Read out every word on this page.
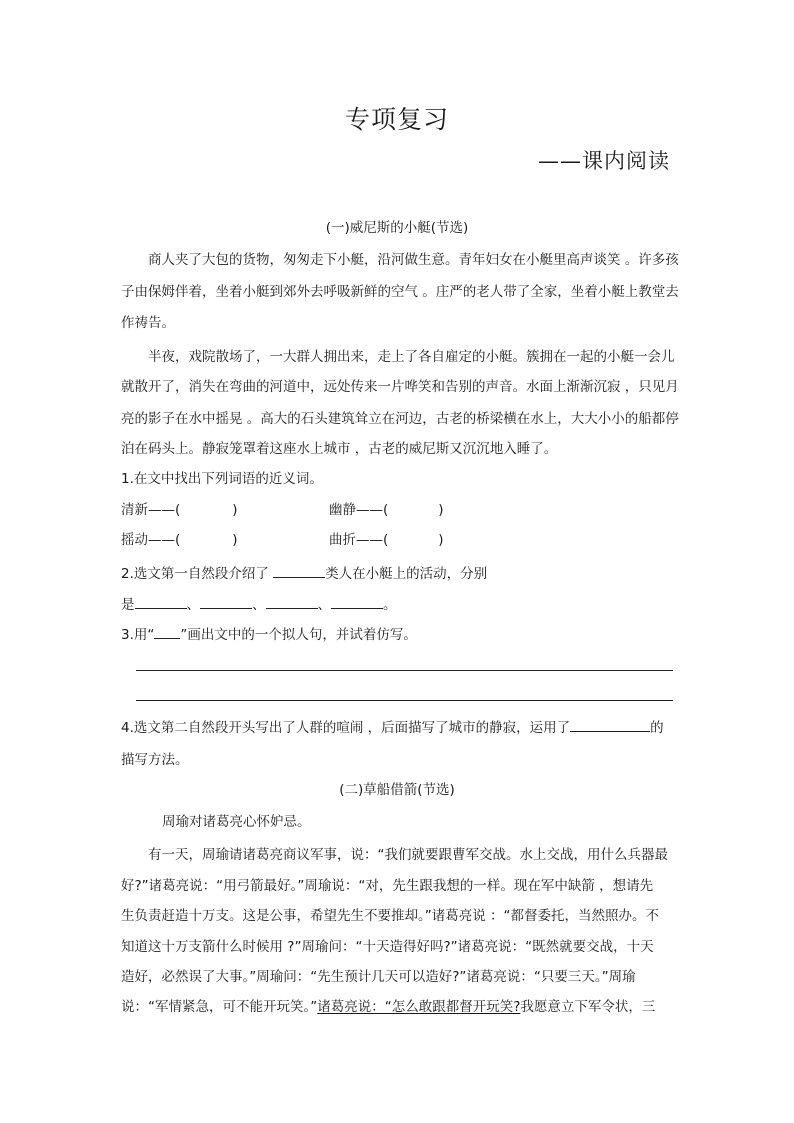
专项复习
——课内阅读
(一)威尼斯的小艇(节选)
商人夹了大包的货物，匆匆走下小艇，沿河做生意。青年妇女在小艇里高声谈笑 。许多孩
子由保姆伴着，坐着小艇到郊外去呼吸新鲜的空气 。庄严的老人带了全家，坐着小艇上教堂去
作祷告。
半夜，戏院散场了，一大群人拥出来，走上了各自雇定的小艇。簇拥在一起的小艇一会儿
就散开了，消失在弯曲的河道中，远处传来一片哗笑和告别的声音。水面上渐渐沉寂 ，只见月
亮的影子在水中摇晃 。高大的石头建筑耸立在河边，古老的桥梁横在水上，大大小小的船都停
泊在码头上。静寂笼罩着这座水上城市 ，古老的威尼斯又沉沉地入睡了。
1.在文中找出下列词语的近义词。
清新——(	)	幽静——(	)
摇动——(	)	曲折——(	)
2.选文第一自然段介绍了	类人在小艇上的活动，分别
是	、	、	、	。
3.用“ ”画出文中的一个拟人句，并试着仿写。
4.选文第二自然段开头写出了人群的喧闹 ，后面描写了城市的静寂，运用了	的
描写方法。
(二)草船借箭(节选)
周瑜对诸葛亮心怀妒忌。
有一天，周瑜请诸葛亮商议军事，说：“我们就要跟曹军交战。水上交战，用什么兵器最
好?”诸葛亮说：“用弓箭最好。”周瑜说：“对，先生跟我想的一样。现在军中缺箭 ，想请先
生负责赶造十万支。这是公事，希望先生不要推却。”诸葛亮说 ：“都督委托，当然照办。不
知道这十万支箭什么时候用 ?”周瑜问：“十天造得好吗?”诸葛亮说：“既然就要交战，十天
造好，必然误了大事。”周瑜问：“先生预计几天可以造好?”诸葛亮说：“只要三天。”周瑜
说：“军情紧急，可不能开玩笑。”诸葛亮说：“怎么敢跟都督开玩笑?我愿意立下军令状，三
